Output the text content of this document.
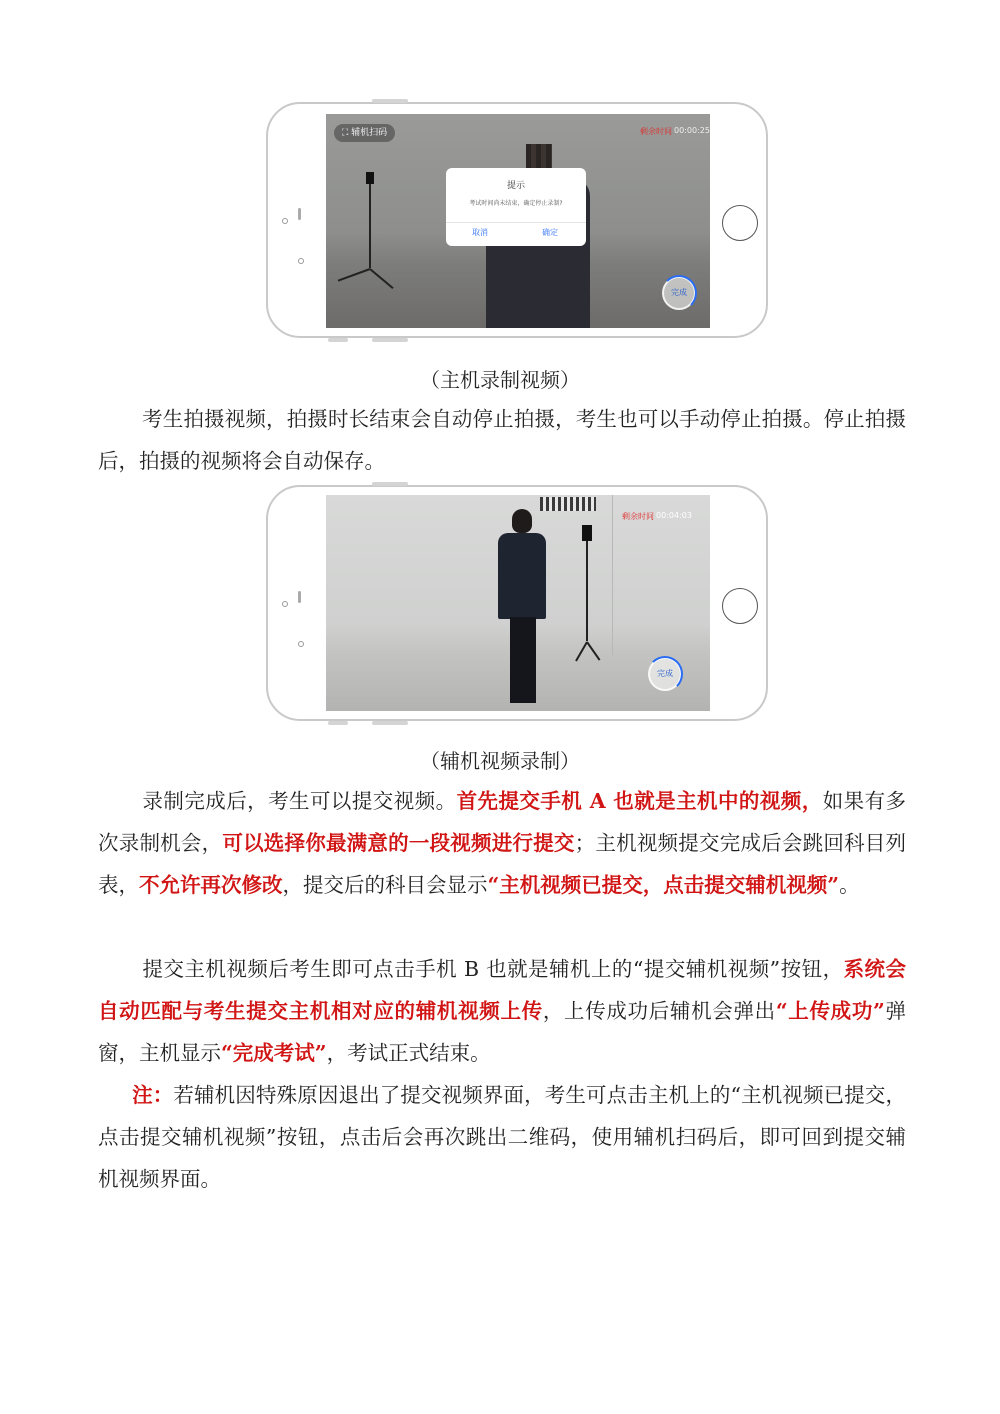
⛶ 辅机扫码	剩余时间 00:00:25
提示
考试时间尚未结束，确定停止录制?
取消	确定
完成
（主机录制视频）
考生拍摄视频，拍摄时长结束会自动停止拍摄，考生也可以手动停止拍摄。停止拍摄后，拍摄的视频将会自动保存。
剩余时间 00:04:03
完成
（辅机视频录制）
录制完成后，考生可以提交视频。首先提交手机 A 也就是主机中的视频，如果有多次录制机会，可以选择你最满意的一段视频进行提交；主机视频提交完成后会跳回科目列表，不允许再次修改，提交后的科目会显示“主机视频已提交，点击提交辅机视频”。
提交主机视频后考生即可点击手机 B 也就是辅机上的“提交辅机视频”按钮，系统会自动匹配与考生提交主机相对应的辅机视频上传，上传成功后辅机会弹出“上传成功”弹窗，主机显示“完成考试”，考试正式结束。
注：若辅机因特殊原因退出了提交视频界面，考生可点击主机上的“主机视频已提交，点击提交辅机视频”按钮，点击后会再次跳出二维码，使用辅机扫码后，即可回到提交辅机视频界面。
